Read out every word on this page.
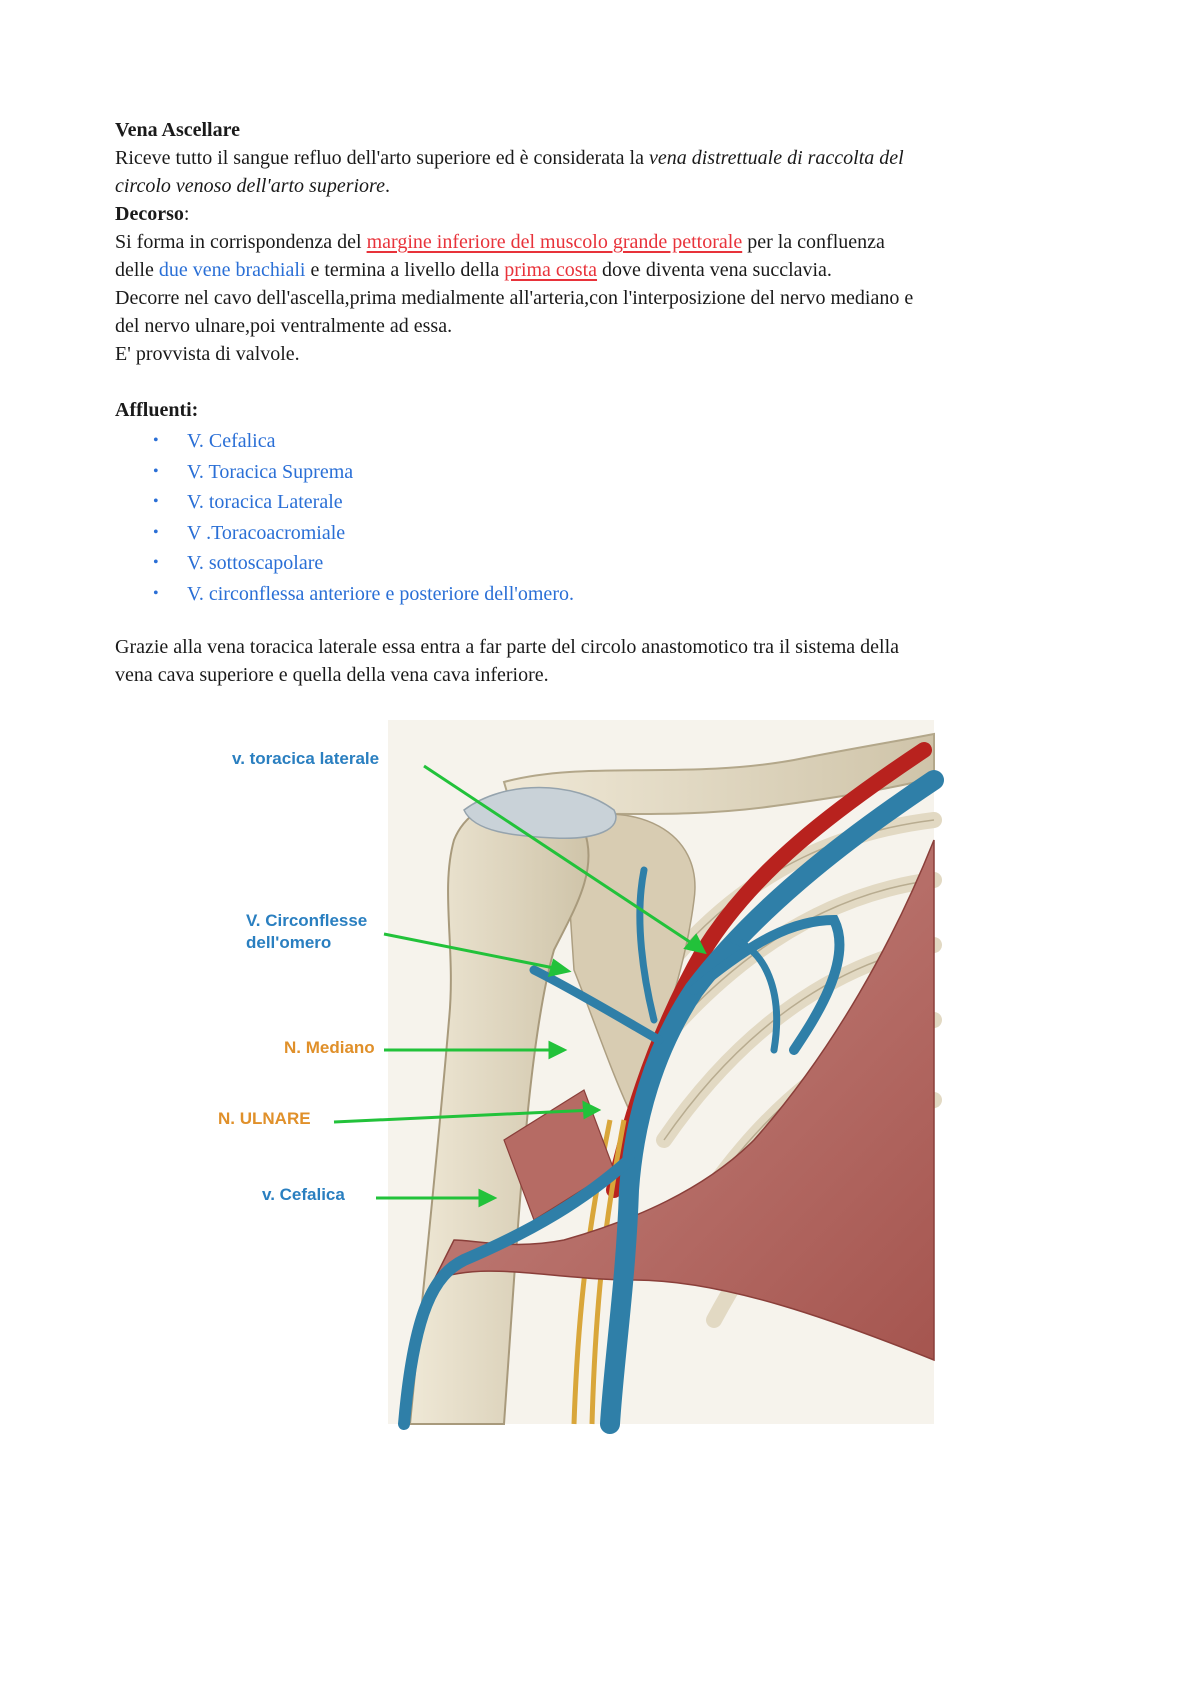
Vena Ascellare

Riceve tutto il sangue refluo dell'arto superiore ed è considerata la vena distrettuale di raccolta del

circolo venoso dell'arto superiore.

Decorso:

Si forma in corrispondenza del margine inferiore del muscolo grande pettorale per la confluenza

delle due vene brachiali e termina a livello della prima costa dove diventa vena succlavia.

Decorre nel cavo dell'ascella,prima medialmente all'arteria,con l'interposizione del nervo mediano e

del nervo ulnare,poi ventralmente ad essa.

E' provvista di valvole.

Affluenti:

• V. Cefalica
• V. Toracica Suprema
• V. toracica Laterale
• V .Toracoacromiale
• V. sottoscapolare
• V. circonflessa anteriore e posteriore dell'omero.

Grazie alla vena toracica laterale essa entra a far parte del circolo anastomotico tra il sistema della

vena cava superiore e quella della vena cava inferiore.

v. toracica laterale
V. Circonflesse
dell'omero
N. Mediano
N. ULNARE
v. Cefalica
